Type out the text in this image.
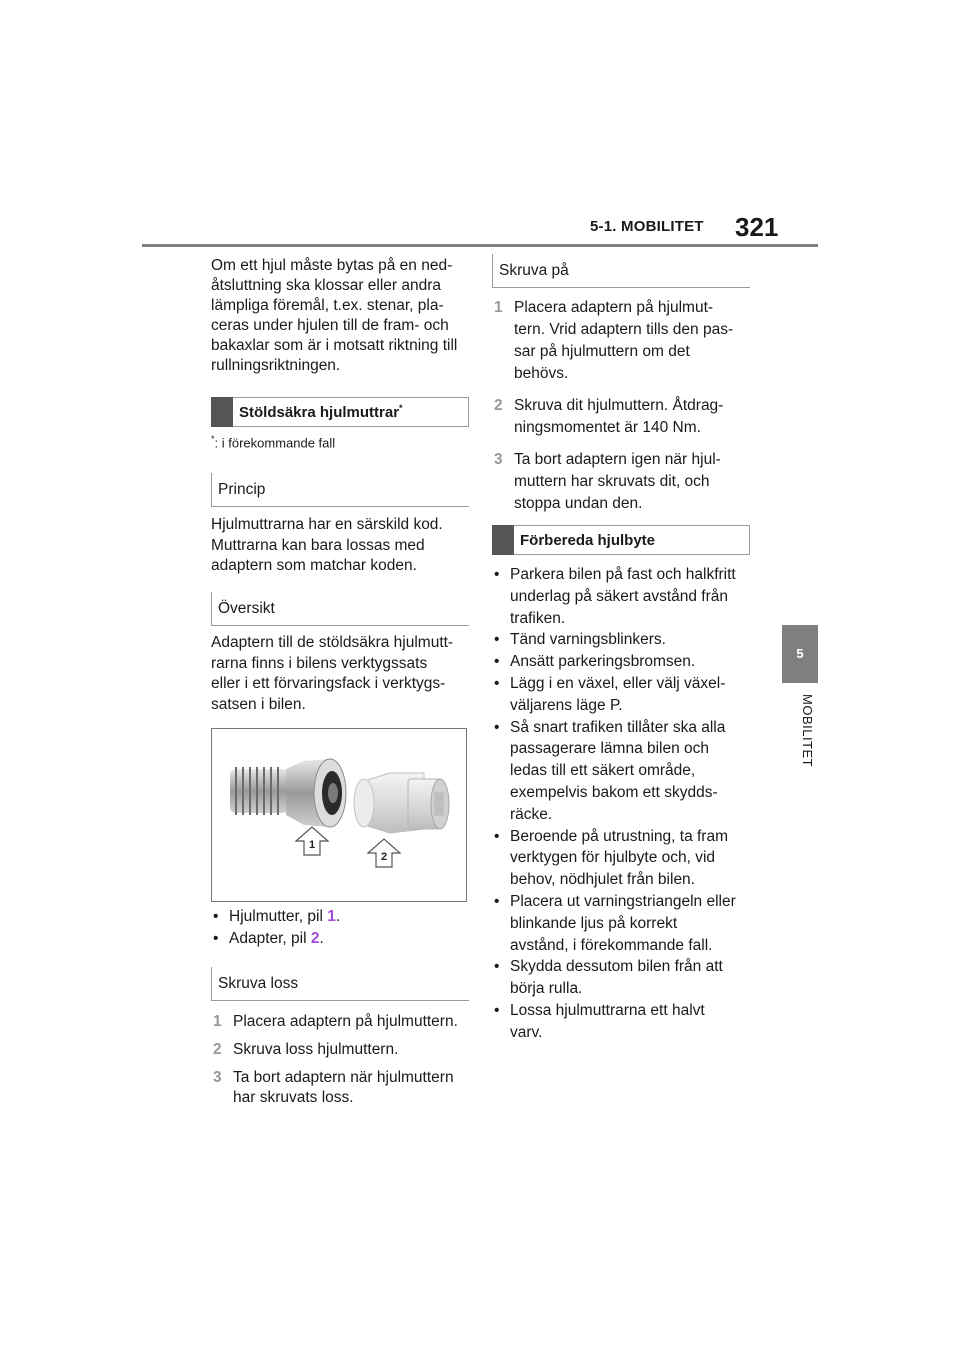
5-1. MOBILITET 321
5
MOBILITET
Om ett hjul måste bytas på en ned-
åtsluttning ska klossar eller andra
lämpliga föremål, t.ex. stenar, pla-
ceras under hjulen till de fram- och
bakaxlar som är i motsatt riktning till
rullningsriktningen.
Stöldsäkra hjulmuttrar*
*: i förekommande fall
Princip
Hjulmuttrarna har en särskild kod.
Muttrarna kan bara lossas med
adaptern som matchar koden.
Översikt
Adaptern till de stöldsäkra hjulmutt-
rarna finns i bilens verktygssats
eller i ett förvaringsfack i verktygs-
satsen i bilen.
1
2
• Hjulmutter, pil 1.
• Adapter, pil 2.
Skruva loss
1 Placera adaptern på hjulmuttern.
2 Skruva loss hjulmuttern.
3 Ta bort adaptern när hjulmuttern
har skruvats loss.
Skruva på
1 Placera adaptern på hjulmut-
tern. Vrid adaptern tills den pas-
sar på hjulmuttern om det
behövs.
2 Skruva dit hjulmuttern. Åtdrag-
ningsmomentet är 140 Nm.
3 Ta bort adaptern igen när hjul-
muttern har skruvats dit, och
stoppa undan den.
Förbereda hjulbyte
• Parkera bilen på fast och halkfritt
underlag på säkert avstånd från
trafiken.
• Tänd varningsblinkers.
• Ansätt parkeringsbromsen.
• Lägg i en växel, eller välj växel-
väljarens läge P.
• Så snart trafiken tillåter ska alla
passagerare lämna bilen och
ledas till ett säkert område,
exempelvis bakom ett skydds-
räcke.
• Beroende på utrustning, ta fram
verktygen för hjulbyte och, vid
behov, nödhjulet från bilen.
• Placera ut varningstriangeln eller
blinkande ljus på korrekt
avstånd, i förekommande fall.
• Skydda dessutom bilen från att
börja rulla.
• Lossa hjulmuttrarna ett halvt
varv.
